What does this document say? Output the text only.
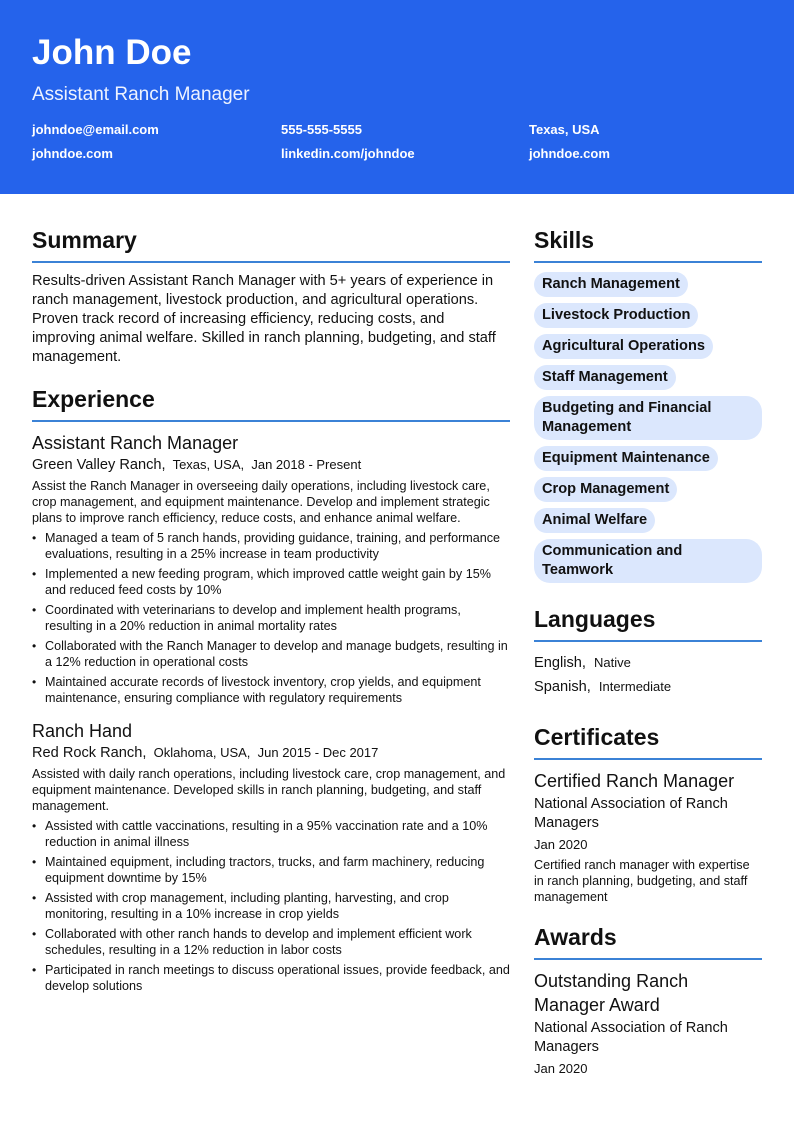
John Doe
Assistant Ranch Manager
johndoe@email.com	555-555-5555	Texas, USA
johndoe.com	linkedin.com/johndoe	johndoe.com
Summary

Results-driven Assistant Ranch Manager with 5+ years of experience in ranch management, livestock production, and agricultural operations. Proven track record of increasing efficiency, reducing costs, and improving animal welfare. Skilled in ranch planning, budgeting, and staff management.

Experience
Assistant Ranch Manager
Green Valley Ranch, Texas, USA, Jan 2018 - Present

Assist the Ranch Manager in overseeing daily operations, including livestock care, crop management, and equipment maintenance. Develop and implement strategic plans to improve ranch efficiency, reduce costs, and enhance animal welfare.

• Managed a team of 5 ranch hands, providing guidance, training, and performance evaluations, resulting in a 25% increase in team productivity
• Implemented a new feeding program, which improved cattle weight gain by 15% and reduced feed costs by 10%
• Coordinated with veterinarians to develop and implement health programs, resulting in a 20% reduction in animal mortality rates
• Collaborated with the Ranch Manager to develop and manage budgets, resulting in a 12% reduction in operational costs
• Maintained accurate records of livestock inventory, crop yields, and equipment maintenance, ensuring compliance with regulatory requirements
Ranch Hand
Red Rock Ranch, Oklahoma, USA, Jun 2015 - Dec 2017

Assisted with daily ranch operations, including livestock care, crop management, and equipment maintenance. Developed skills in ranch planning, budgeting, and staff management.

• Assisted with cattle vaccinations, resulting in a 95% vaccination rate and a 10% reduction in animal illness
• Maintained equipment, including tractors, trucks, and farm machinery, reducing equipment downtime by 15%
• Assisted with crop management, including planting, harvesting, and crop monitoring, resulting in a 10% increase in crop yields
• Collaborated with other ranch hands to develop and implement efficient work schedules, resulting in a 12% reduction in labor costs
• Participated in ranch meetings to discuss operational issues, provide feedback, and develop solutions
Skills
Ranch Management
Livestock Production
Agricultural Operations
Staff Management
Budgeting and Financial Management
Equipment Maintenance
Crop Management
Animal Welfare
Communication and Teamwork
Languages
English, Native
Spanish, Intermediate
Certificates
Certified Ranch Manager
National Association of Ranch Managers
Jan 2020
Certified ranch manager with expertise in ranch planning, budgeting, and staff management
Awards
Outstanding Ranch Manager Award
National Association of Ranch Managers
Jan 2020
